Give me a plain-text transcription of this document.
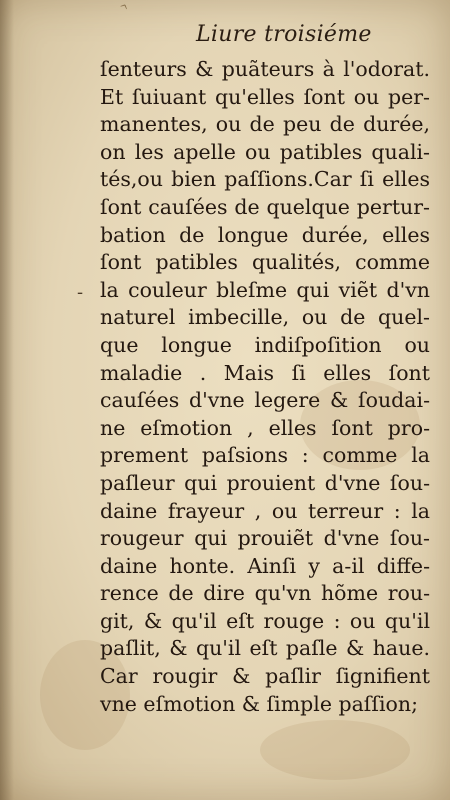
^
Liure troisiéme
-
ſenteurs & puãteurs à l'odorat.
Et ſuiuant qu'elles ſont ou per-
manentes, ou de peu de durée,
on les apelle ou patibles quali-
tés,ou bien paſſions.Car ſi elles
ſont cauſées de quelque pertur-
bation de longue durée, elles
ſont patibles qualités, comme
la couleur bleſme qui viẽt d'vn
naturel imbecille, ou de quel-
que longue indiſpoſition ou
maladie . Mais ſi elles ſont
cauſées d'vne legere & ſoudai-
ne eſmotion , elles ſont pro-
prement paſsions : comme la
paſleur qui prouient d'vne ſou-
daine frayeur , ou terreur : la
rougeur qui prouiẽt d'vne ſou-
daine honte. Ainſi y a-il diffe-
rence de dire qu'vn hõme rou-
git, & qu'il eſt rouge : ou qu'il
paſlit, & qu'il eſt paſle & haue.
Car rougir & paſlir ſignifient
vne eſmotion & ſimple paſſion;
